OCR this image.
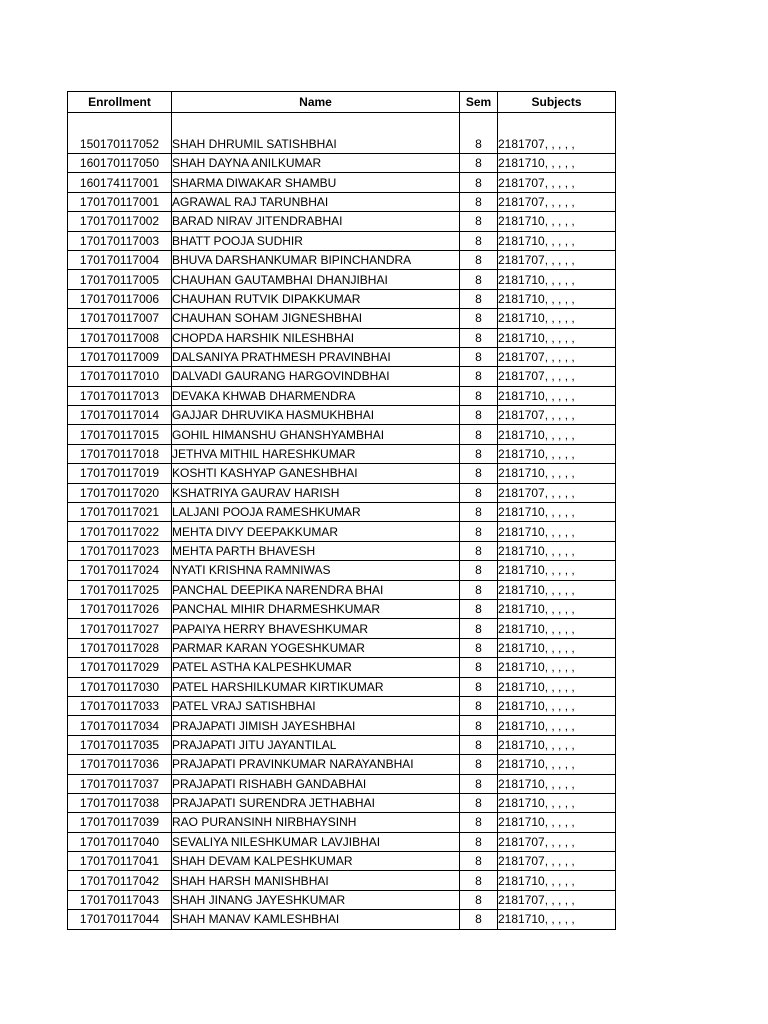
Enrollment	Name	Sem	Subjects

150170117052	SHAH DHRUMIL SATISHBHAI	8	2181707, , , , ,
160170117050	SHAH DAYNA ANILKUMAR	8	2181710, , , , ,
160174117001	SHARMA DIWAKAR SHAMBU	8	2181707, , , , ,
170170117001	AGRAWAL RAJ TARUNBHAI	8	2181707, , , , ,
170170117002	BARAD NIRAV JITENDRABHAI	8	2181710, , , , ,
170170117003	BHATT POOJA SUDHIR	8	2181710, , , , ,
170170117004	BHUVA DARSHANKUMAR BIPINCHANDRA	8	2181707, , , , ,
170170117005	CHAUHAN GAUTAMBHAI DHANJIBHAI	8	2181710, , , , ,
170170117006	CHAUHAN RUTVIK DIPAKKUMAR	8	2181710, , , , ,
170170117007	CHAUHAN SOHAM JIGNESHBHAI	8	2181710, , , , ,
170170117008	CHOPDA HARSHIK NILESHBHAI	8	2181710, , , , ,
170170117009	DALSANIYA PRATHMESH PRAVINBHAI	8	2181707, , , , ,
170170117010	DALVADI GAURANG HARGOVINDBHAI	8	2181707, , , , ,
170170117013	DEVAKA KHWAB DHARMENDRA	8	2181710, , , , ,
170170117014	GAJJAR DHRUVIKA HASMUKHBHAI	8	2181707, , , , ,
170170117015	GOHIL HIMANSHU GHANSHYAMBHAI	8	2181710, , , , ,
170170117018	JETHVA MITHIL HARESHKUMAR	8	2181710, , , , ,
170170117019	KOSHTI KASHYAP GANESHBHAI	8	2181710, , , , ,
170170117020	KSHATRIYA GAURAV HARISH	8	2181707, , , , ,
170170117021	LALJANI POOJA RAMESHKUMAR	8	2181710, , , , ,
170170117022	MEHTA DIVY DEEPAKKUMAR	8	2181710, , , , ,
170170117023	MEHTA PARTH BHAVESH	8	2181710, , , , ,
170170117024	NYATI KRISHNA RAMNIWAS	8	2181710, , , , ,
170170117025	PANCHAL DEEPIKA NARENDRA BHAI	8	2181710, , , , ,
170170117026	PANCHAL MIHIR DHARMESHKUMAR	8	2181710, , , , ,
170170117027	PAPAIYA HERRY BHAVESHKUMAR	8	2181710, , , , ,
170170117028	PARMAR KARAN YOGESHKUMAR	8	2181710, , , , ,
170170117029	PATEL ASTHA KALPESHKUMAR	8	2181710, , , , ,
170170117030	PATEL HARSHILKUMAR KIRTIKUMAR	8	2181710, , , , ,
170170117033	PATEL VRAJ SATISHBHAI	8	2181710, , , , ,
170170117034	PRAJAPATI JIMISH JAYESHBHAI	8	2181710, , , , ,
170170117035	PRAJAPATI JITU JAYANTILAL	8	2181710, , , , ,
170170117036	PRAJAPATI PRAVINKUMAR NARAYANBHAI	8	2181710, , , , ,
170170117037	PRAJAPATI RISHABH GANDABHAI	8	2181710, , , , ,
170170117038	PRAJAPATI SURENDRA JETHABHAI	8	2181710, , , , ,
170170117039	RAO PURANSINH NIRBHAYSINH	8	2181710, , , , ,
170170117040	SEVALIYA NILESHKUMAR LAVJIBHAI	8	2181707, , , , ,
170170117041	SHAH DEVAM KALPESHKUMAR	8	2181707, , , , ,
170170117042	SHAH HARSH MANISHBHAI	8	2181710, , , , ,
170170117043	SHAH JINANG JAYESHKUMAR	8	2181707, , , , ,
170170117044	SHAH MANAV KAMLESHBHAI	8	2181710, , , , ,
